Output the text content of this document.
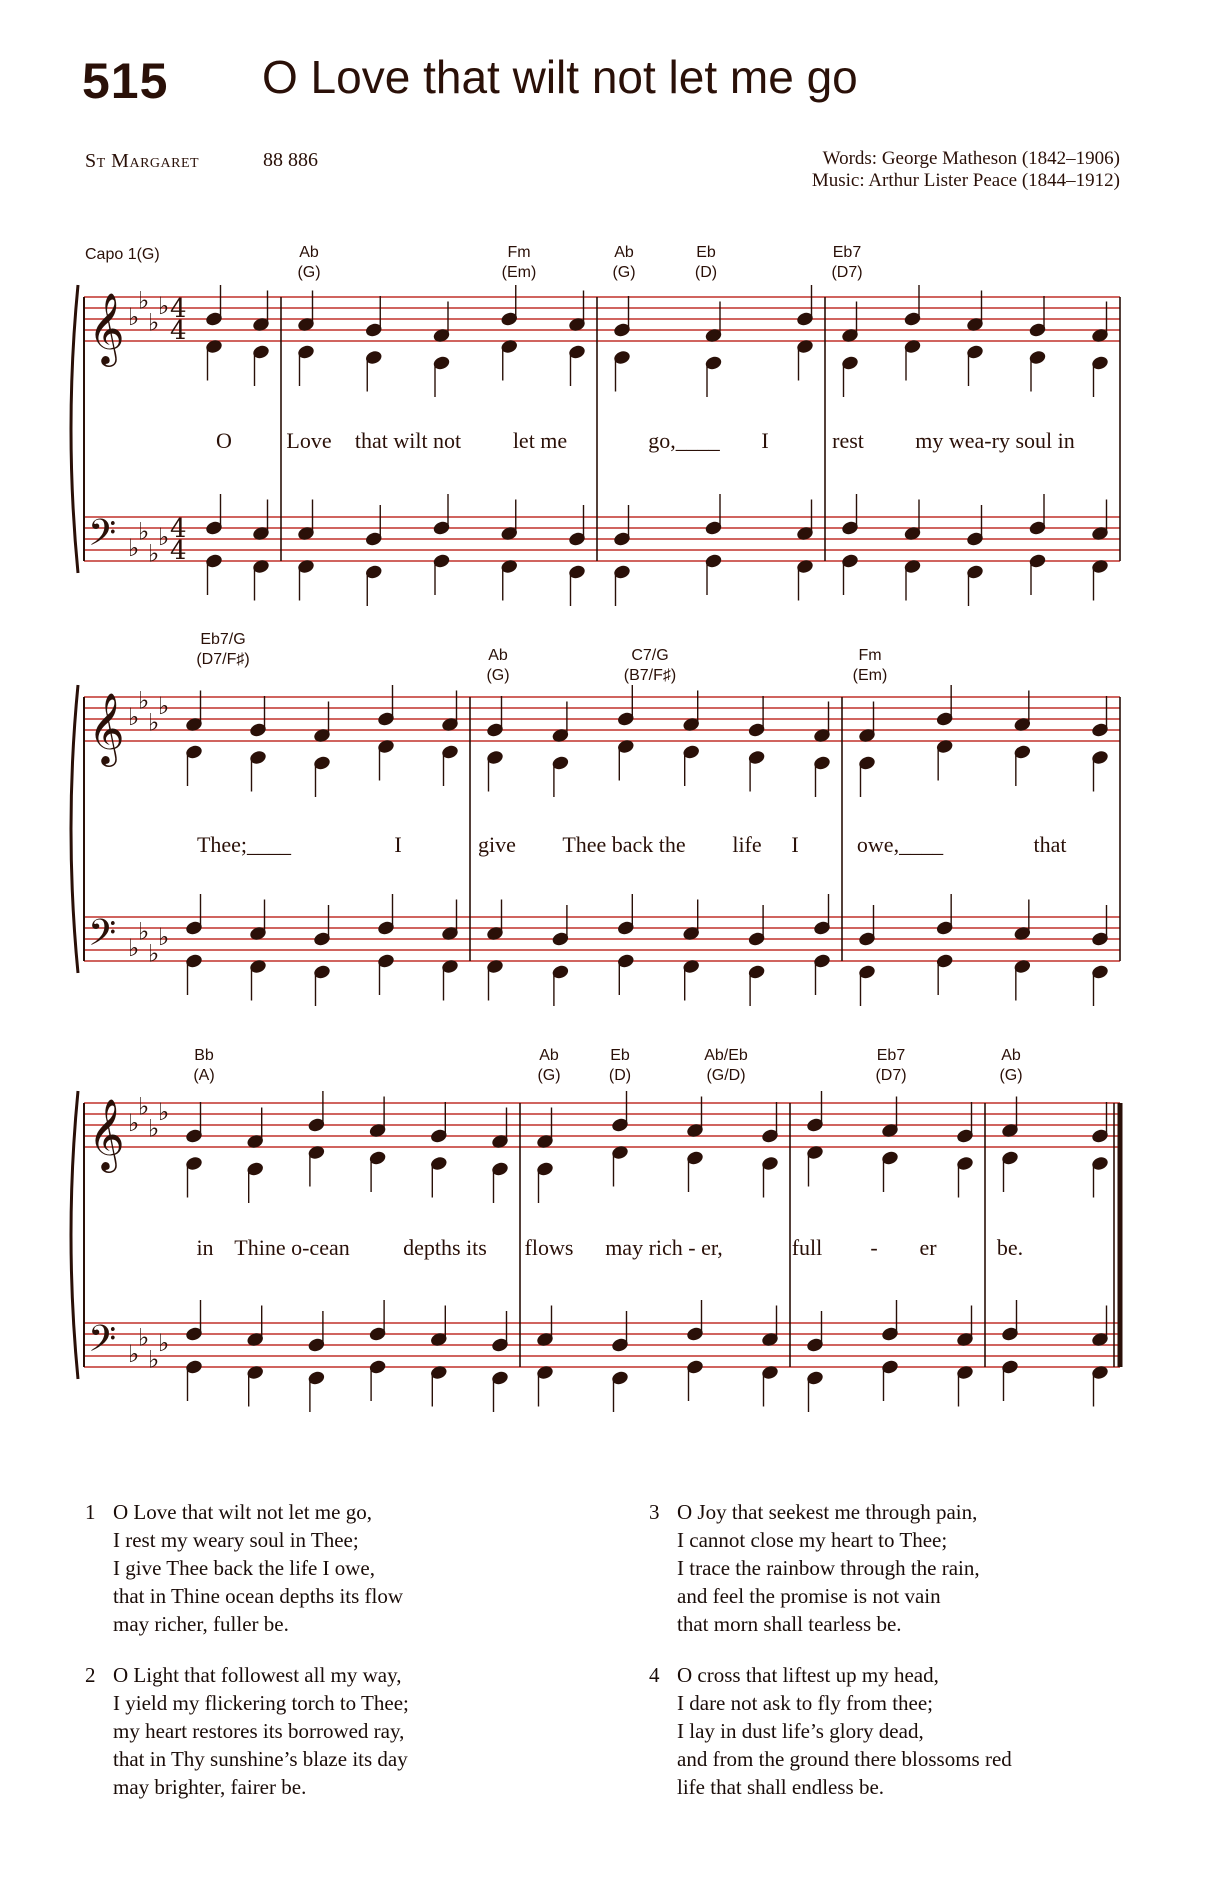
515 O Love that wilt not let me go
St Margaret	88 886	Words: George Matheson (1842–1906)
Music: Arthur Lister Peace (1844–1912)
Capo 1(G)
𝄞
𝄢
♭
♭
♭
♭
♭
♭
♭
♭
4
4
4
4
𝄞
𝄢
♭
♭
♭
♭
♭
♭
♭
♭
𝄞
𝄢
♭
♭
♭
♭
♭
♭
♭
♭
Ab
(G)
Fm
(Em)
Ab
(G)
Eb
(D)
Eb7
(D7)
O Love that wilt not let me	go,____ I	rest my wea-ry soul in
Eb7/G
(D7/F♯)	Ab
(G)
C7/G
(B7/F♯)
Fm
(Em)
Thee;____	I	give Thee back the life I	owe,____	that
Bb
(A)
Ab
(G)
Eb
(D)
Ab/Eb
(G/D)
Eb7
(D7)
Ab
(G)
in Thine o-cean depths its flows may rich - er,	full - er	be.
1 O Love that wilt not let me go,
I rest my weary soul in Thee;
I give Thee back the life I owe,
that in Thine ocean depths its flow
may richer, fuller be.
2 O Light that followest all my way,
I yield my flickering torch to Thee;
my heart restores its borrowed ray,
that in Thy sunshine’s blaze its day
may brighter, fairer be.
3 O Joy that seekest me through pain,
I cannot close my heart to Thee;
I trace the rainbow through the rain,
and feel the promise is not vain
that morn shall tearless be.
4 O cross that liftest up my head,
I dare not ask to fly from thee;
I lay in dust life’s glory dead,
and from the ground there blossoms red
life that shall endless be.
